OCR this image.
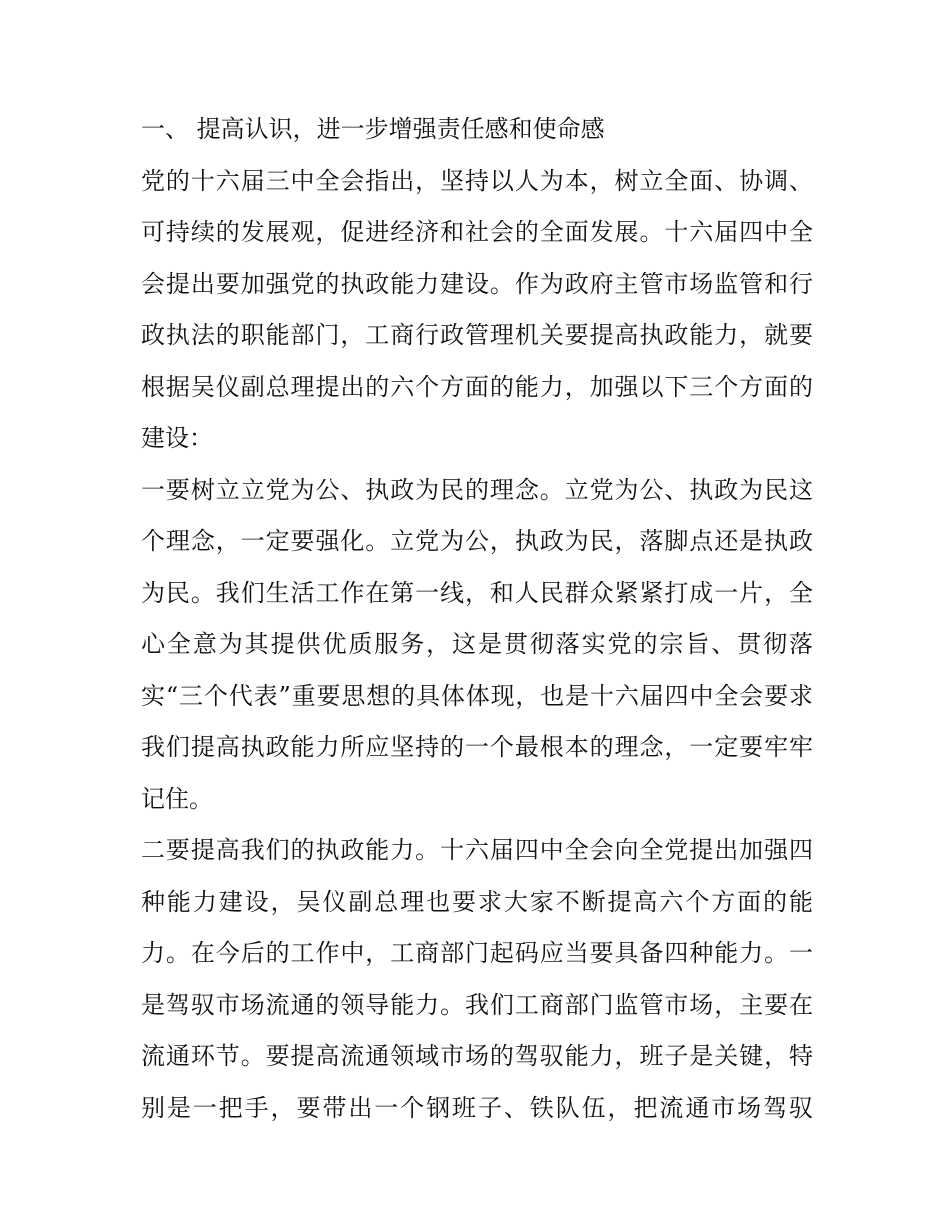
一、 提高认识，进一步增强责任感和使命感
党的十六届三中全会指出，坚持以人为本，树立全面、协调、
可持续的发展观，促进经济和社会的全面发展。十六届四中全
会提出要加强党的执政能力建设。作为政府主管市场监管和行
政执法的职能部门，工商行政管理机关要提高执政能力，就要
根据吴仪副总理提出的六个方面的能力，加强以下三个方面的
建设：
一要树立立党为公、执政为民的理念。立党为公、执政为民这
个理念，一定要强化。立党为公，执政为民，落脚点还是执政
为民。我们生活工作在第一线，和人民群众紧紧打成一片，全
心全意为其提供优质服务，这是贯彻落实党的宗旨、贯彻落
实“三个代表”重要思想的具体体现，也是十六届四中全会要求
我们提高执政能力所应坚持的一个最根本的理念，一定要牢牢
记住。
二要提高我们的执政能力。十六届四中全会向全党提出加强四
种能力建设，吴仪副总理也要求大家不断提高六个方面的能
力。在今后的工作中，工商部门起码应当要具备四种能力。一
是驾驭市场流通的领导能力。我们工商部门监管市场，主要在
流通环节。要提高流通领域市场的驾驭能力，班子是关键，特
别是一把手，要带出一个钢班子、铁队伍，把流通市场驾驭
